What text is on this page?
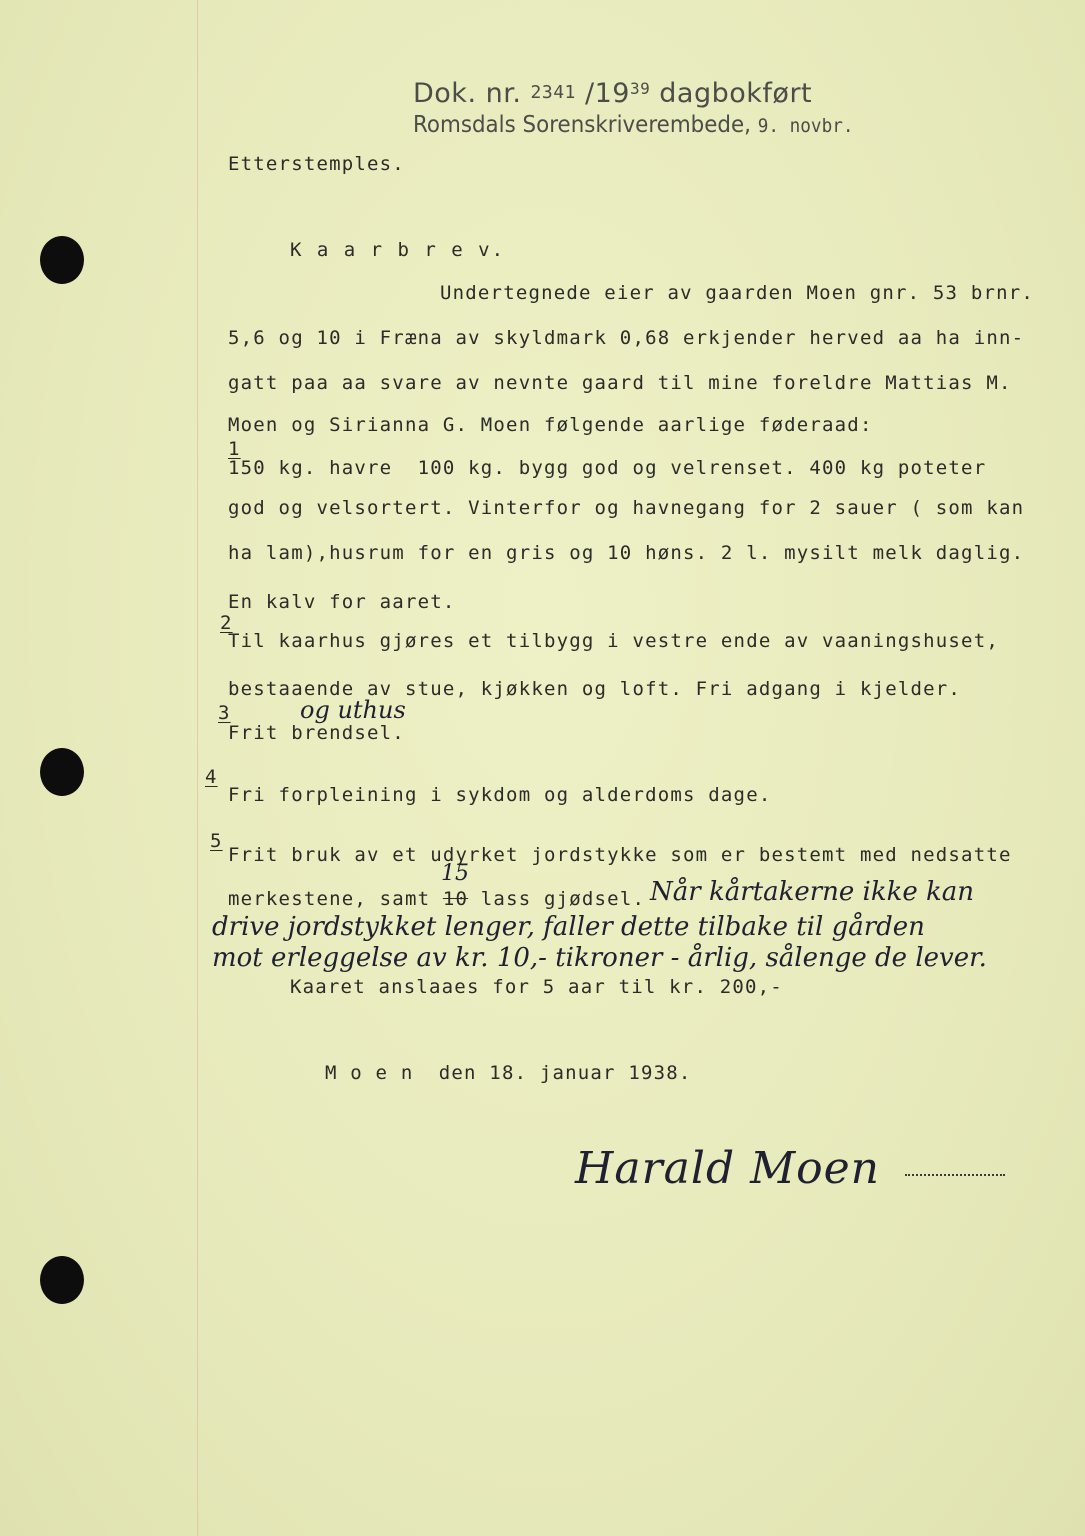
Dok. nr. 2341 $/19^{39}$ dagbokført
Romsdals Sorenskriverembede, 9. novbr.
Etterstemples.
K a a r b r e v.
Undertegnede eier av gaarden Moen gnr. 53 brnr.
5,6 og 10 i Fræna av skyldmark 0,68 erkjender herved aa ha inn-
gatt paa aa svare av nevnte gaard til mine foreldre Mattias M.
Moen og Sirianna G. Moen følgende aarlige føderaad:
1
150 kg. havre  100 kg. bygg god og velrenset. 400 kg poteter
god og velsortert. Vinterfor og havnegang for 2 sauer ( som kan
ha lam),husrum for en gris og 10 høns. 2 l. mysilt melk daglig.
En kalv for aaret.
2
Til kaarhus gjøres et tilbygg i vestre ende av vaaningshuset,
bestaaende av stue, kjøkken og loft. Fri adgang i kjelder.
og uthus
3
Frit brendsel.
4
Fri forpleining i sykdom og alderdoms dage.
5
Frit bruk av et udyrket jordstykke som er bestemt med nedsatte
merkestene, samt 10 lass gjødsel.
15
Når kårtakerne ikke kan
drive jordstykket lenger, faller dette tilbake til gården
mot erleggelse av kr. 10,- tikroner - årlig, sålenge de lever.
Kaaret anslaaes for 5 aar til kr. 200,-
M o e n  den 18. januar 1938.
Harald Moen
